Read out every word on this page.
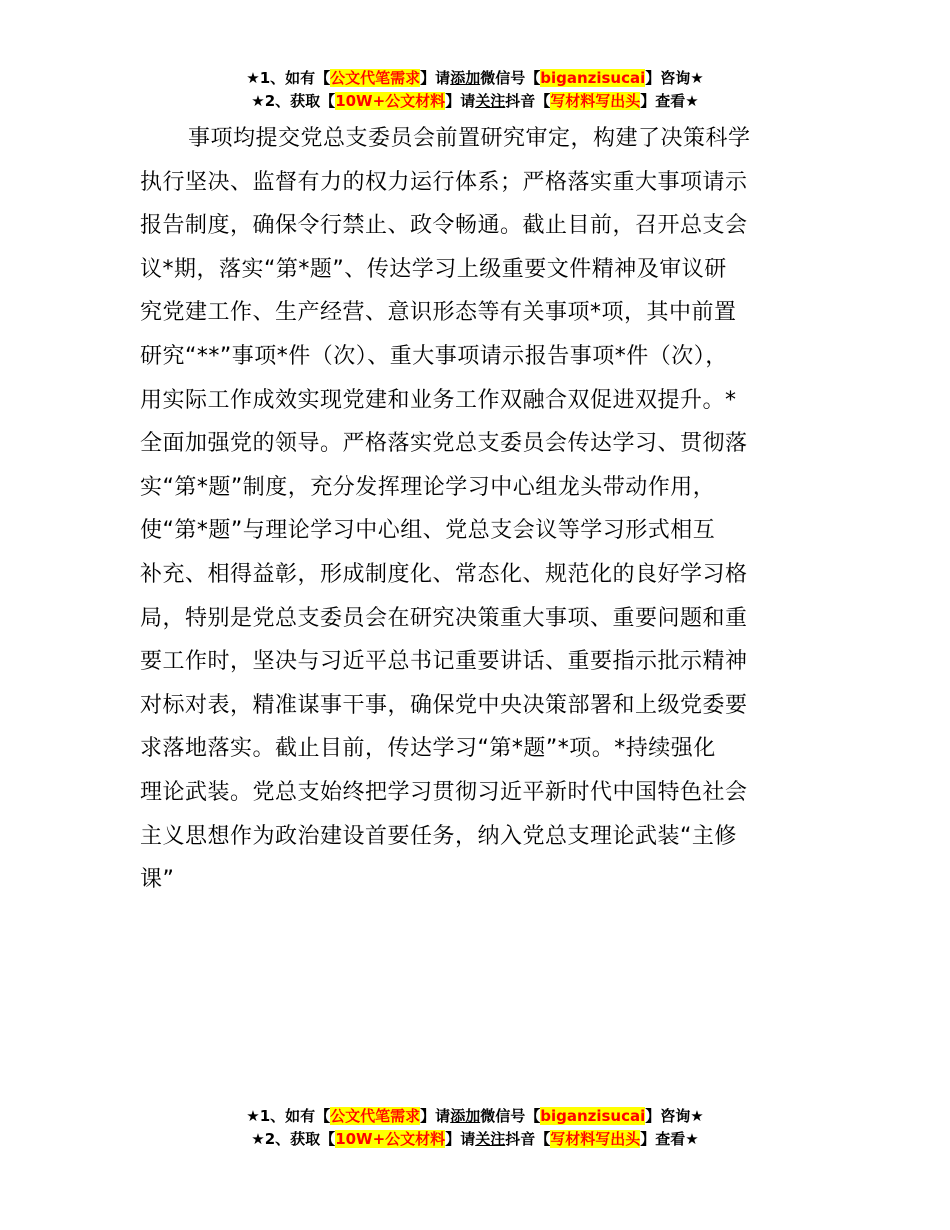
★1、如有【公文代笔需求】请添加微信号【biganzisucai】咨询★
★2、获取【10W+公文材料】请关注抖音【写材料写出头】查看★
事项均提交党总支委员会前置研究审定，构建了决策科学
执行坚决、监督有力的权力运行体系；严格落实重大事项请示
报告制度，确保令行禁止、政令畅通。截止目前，召开总支会
议*期，落实“第*题”、传达学习上级重要文件精神及审议研
究党建工作、生产经营、意识形态等有关事项*项，其中前置
研究“**”事项*件（次）、重大事项请示报告事项*件（次），
用实际工作成效实现党建和业务工作双融合双促进双提升。*
全面加强党的领导。严格落实党总支委员会传达学习、贯彻落
实“第*题”制度，充分发挥理论学习中心组龙头带动作用，
使“第*题”与理论学习中心组、党总支会议等学习形式相互
补充、相得益彰，形成制度化、常态化、规范化的良好学习格
局，特别是党总支委员会在研究决策重大事项、重要问题和重
要工作时，坚决与习近平总书记重要讲话、重要指示批示精神
对标对表，精准谋事干事，确保党中央决策部署和上级党委要
求落地落实。截止目前，传达学习“第*题”*项。*持续强化
理论武装。党总支始终把学习贯彻习近平新时代中国特色社会
主义思想作为政治建设首要任务，纳入党总支理论武装“主修
课”
★1、如有【公文代笔需求】请添加微信号【biganzisucai】咨询★
★2、获取【10W+公文材料】请关注抖音【写材料写出头】查看★
